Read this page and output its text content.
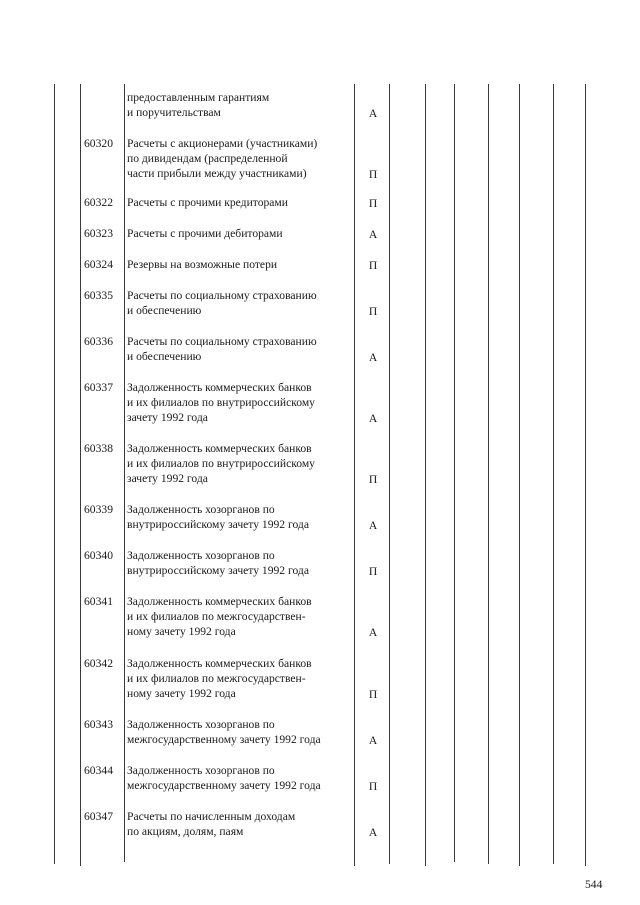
предоставленным гарантиям
и поручительствам	А
60320	Расчеты с акционерами (участниками)
по дивидендам (распределенной
части прибыли между участниками)	П
60322	Расчеты с прочими кредиторами	П
60323	Расчеты с прочими дебиторами	А
60324	Резервы на возможные потери	П
60335	Расчеты по социальному страхованию
и обеспечению	П
60336	Расчеты по социальному страхованию
и обеспечению	А
60337	Задолженность коммерческих банков
и их филиалов по внутрироссийскому
зачету 1992 года	А
60338	Задолженность коммерческих банков
и их филиалов по внутрироссийскому
зачету 1992 года	П
60339	Задолженность хозорганов по
внутрироссийскому зачету 1992 года	А
60340	Задолженность хозорганов по
внутрироссийскому зачету 1992 года	П
60341	Задолженность коммерческих банков
и их филиалов по межгосударствен-
ному зачету 1992 года	А
60342	Задолженность коммерческих банков
и их филиалов по межгосударствен-
ному зачету 1992 года	П
60343	Задолженность хозорганов по
межгосударственному зачету 1992 года	А
60344	Задолженность хозорганов по
межгосударственному зачету 1992 года	П
60347	Расчеты по начисленным доходам
по акциям, долям, паям	А
544
